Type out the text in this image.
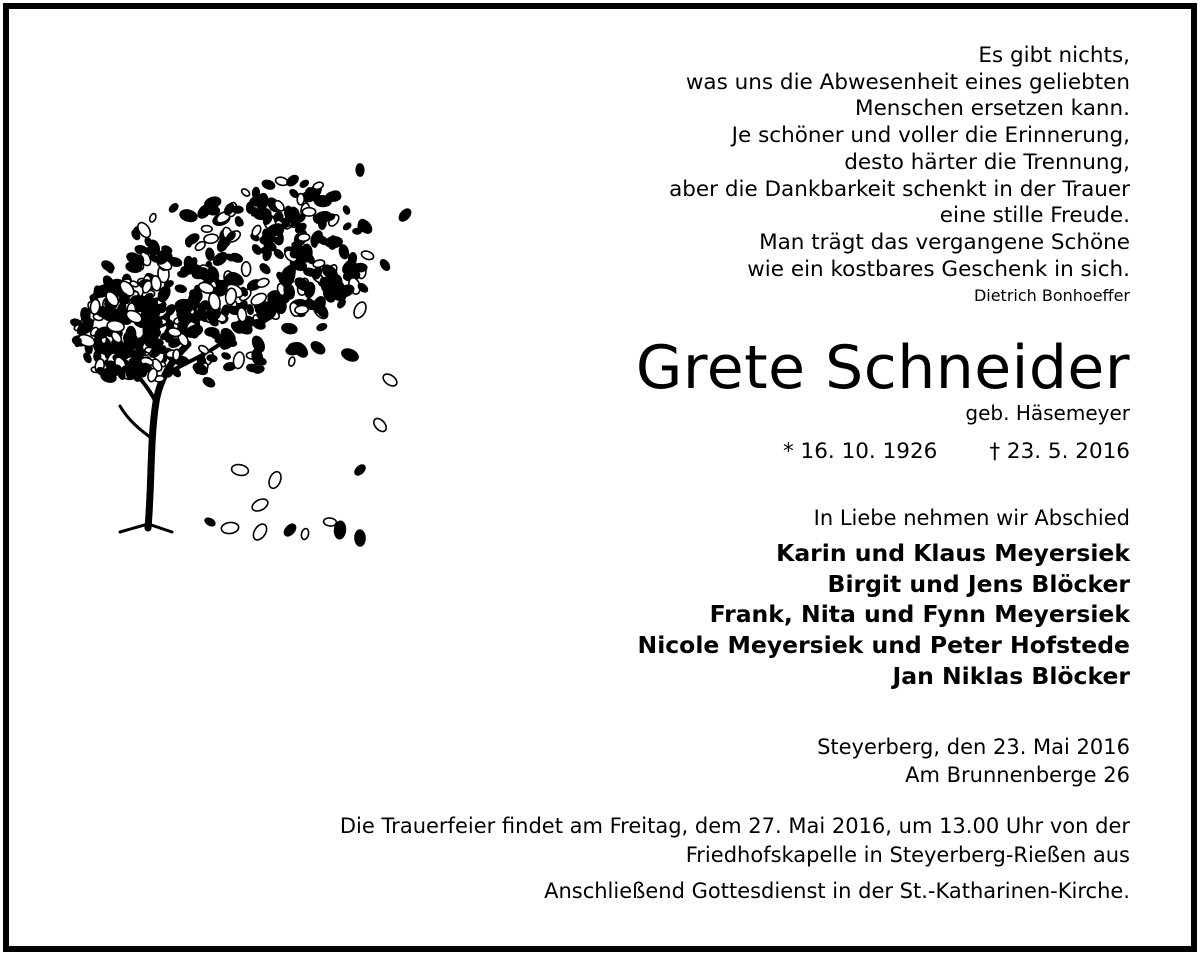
Es gibt nichts,
was uns die Abwesenheit eines geliebten
Menschen ersetzen kann.
Je schöner und voller die Erinnerung,
desto härter die Trennung,
aber die Dankbarkeit schenkt in der Trauer
eine stille Freude.
Man trägt das vergangene Schöne
wie ein kostbares Geschenk in sich.
Dietrich Bonhoeffer
Grete Schneider
geb. Häsemeyer
* 16. 10. 1926 † 23. 5. 2016
In Liebe nehmen wir Abschied
Karin und Klaus Meyersiek
Birgit und Jens Blöcker
Frank, Nita und Fynn Meyersiek
Nicole Meyersiek und Peter Hofstede
Jan Niklas Blöcker
Steyerberg, den 23. Mai 2016
Am Brunnenberge 26
Die Trauerfeier findet am Freitag, dem 27. Mai 2016, um 13.00 Uhr von der
Friedhofskapelle in Steyerberg-Rießen aus
Anschließend Gottesdienst in der St.-Katharinen-Kirche.
